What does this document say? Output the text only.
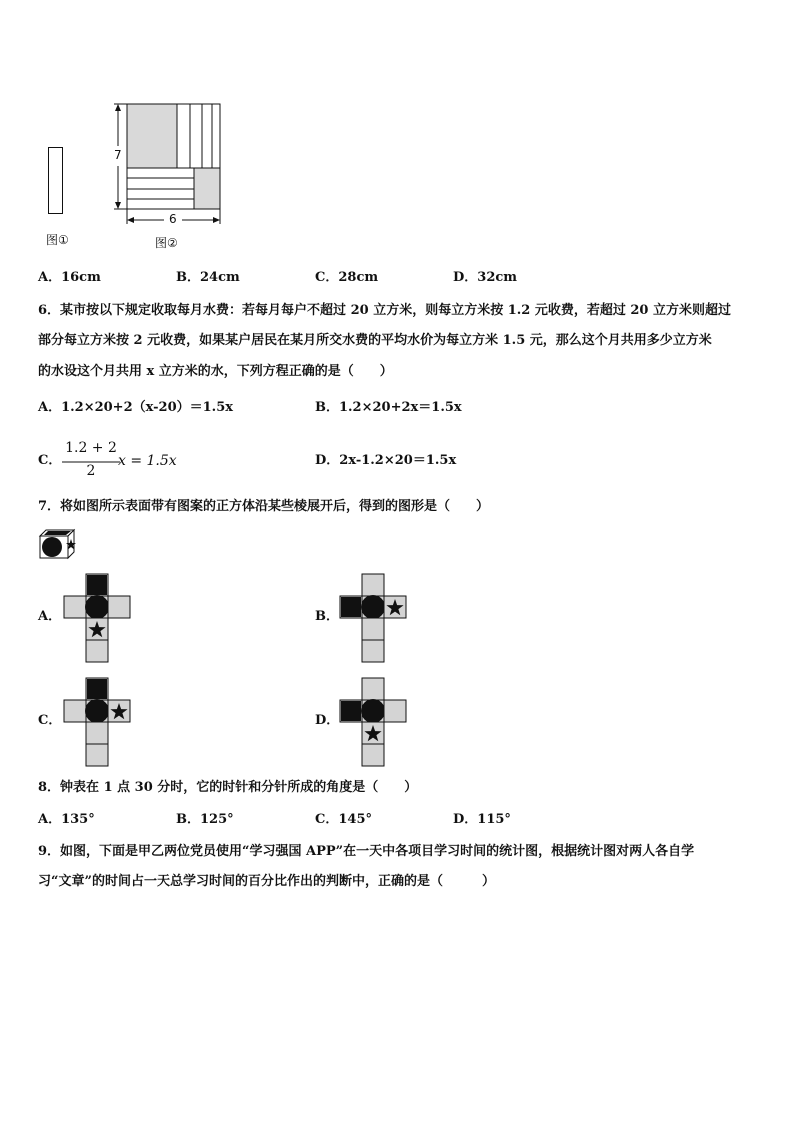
图①
7
6
图②
A．16cm	B．24cm	C．28cm	D．32cm
6．某市按以下规定收取每月水费：若每月每户不超过 20 立方米，则每立方米按 1.2 元收费，若超过 20 立方米则超过
部分每立方米按 2 元收费，如果某户居民在某月所交水费的平均水价为每立方米 1.5 元，那么这个月共用多少立方米
的水设这个月共用 x 立方米的水，下列方程正确的是（　　）
A．1.2×20+2（x-20）＝1.5x	B．1.2×20+2x＝1.5x
C．
1.2 + 2
2
x = 1.5x	D．2x-1.2×20＝1.5x
7．将如图所示表面带有图案的正方体沿某些棱展开后，得到的图形是（　　）
A．	B．
C．	D．
8．钟表在 1 点 30 分时，它的时针和分针所成的角度是（　　）
A．135°	B．125°	C．145°	D．115°
9．如图，下面是甲乙两位党员使用“学习强国 APP”在一天中各项目学习时间的统计图，根据统计图对两人各自学
习“文章”的时间占一天总学习时间的百分比作出的判断中，正确的是（　　　）
